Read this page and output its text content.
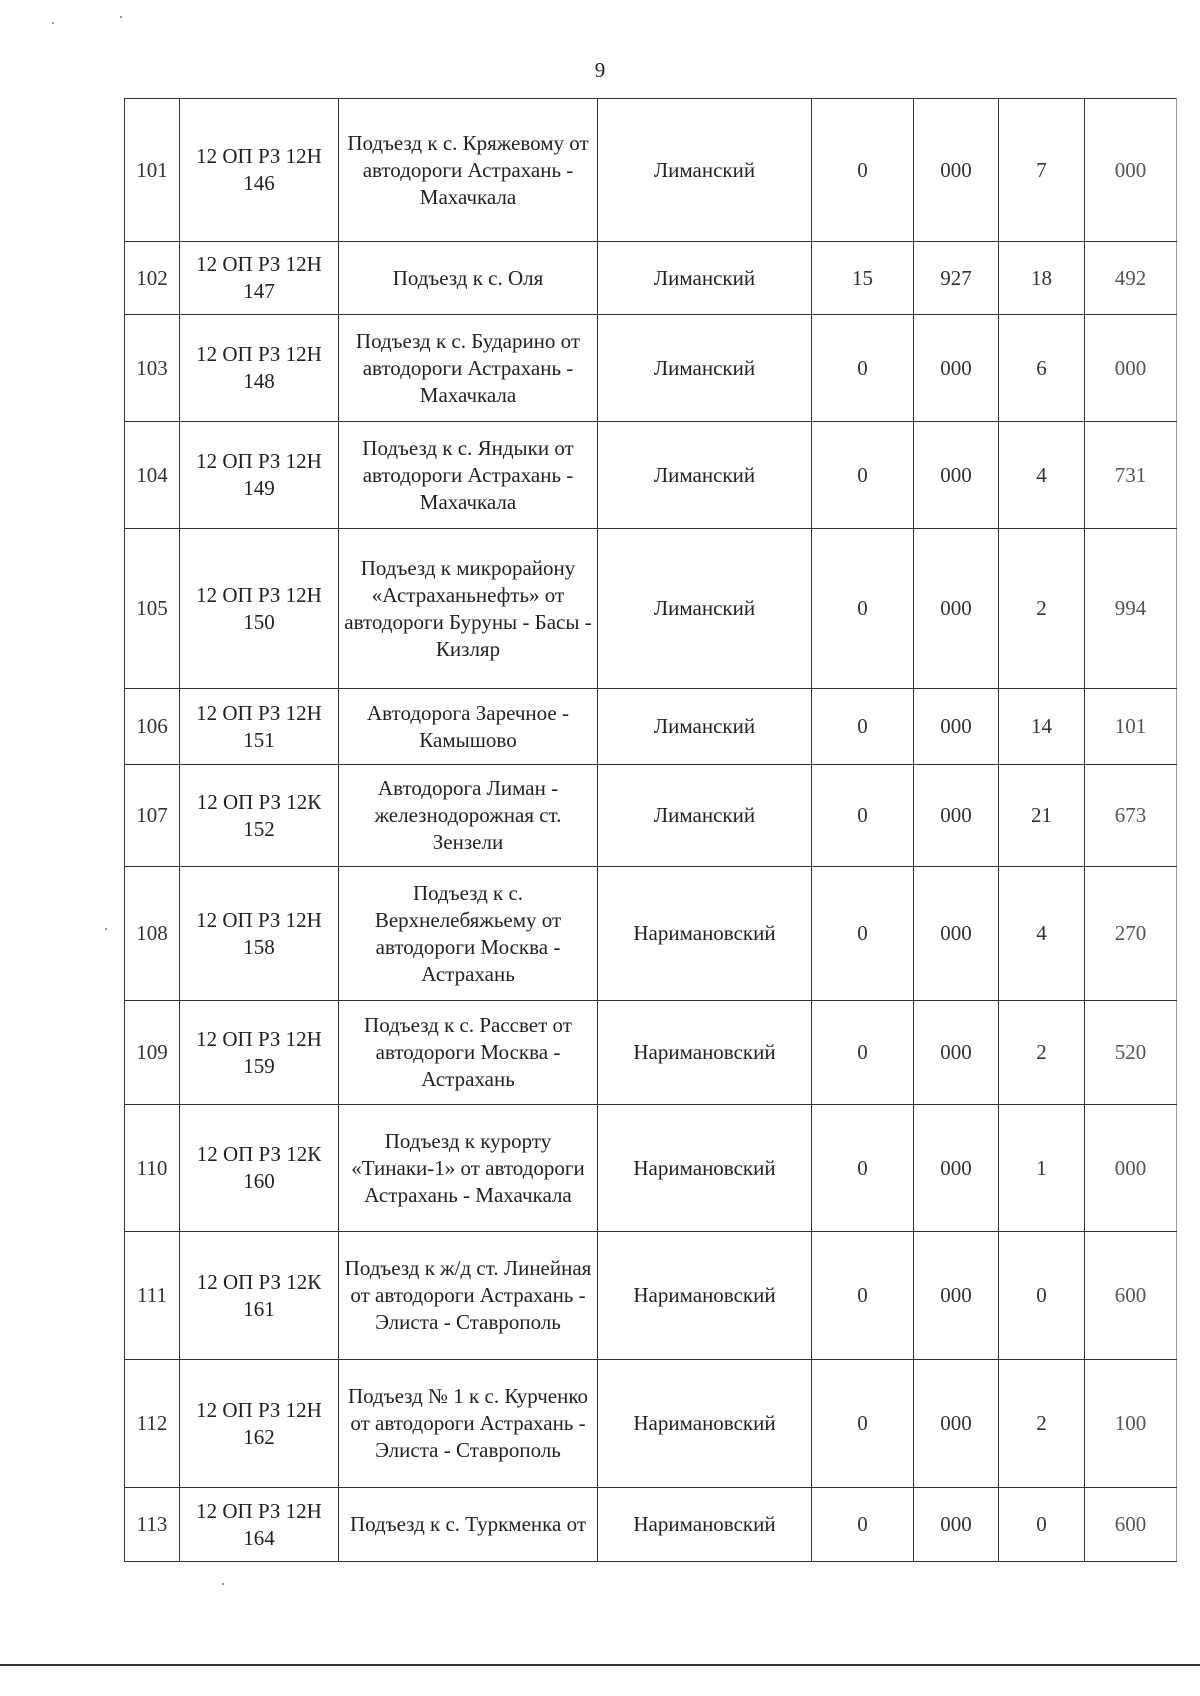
9
101	12 ОП РЗ 12Н 146	Подъезд к с. Кряжевому от автодороги Астрахань - Махачкала	Лиманский	0	000	7	000
102	12 ОП РЗ 12Н 147	Подъезд к с. Оля	Лиманский	15	927	18	492
103	12 ОП РЗ 12Н 148	Подъезд к с. Бударино от автодороги Астрахань - Махачкала	Лиманский	0	000	6	000
104	12 ОП РЗ 12Н 149	Подъезд к с. Яндыки от автодороги Астрахань - Махачкала	Лиманский	0	000	4	731
105	12 ОП РЗ 12Н 150	Подъезд к микрорайону «Астраханьнефть» от автодороги Буруны - Басы - Кизляр	Лиманский	0	000	2	994
106	12 ОП РЗ 12Н 151	Автодорога Заречное - Камышово	Лиманский	0	000	14	101
107	12 ОП РЗ 12К 152	Автодорога Лиман - железнодорожная ст. Зензели	Лиманский	0	000	21	673
108	12 ОП РЗ 12Н 158	Подъезд к с. Верхнелебяжьему от автодороги Москва - Астрахань	Наримановский	0	000	4	270
109	12 ОП РЗ 12Н 159	Подъезд к с. Рассвет от автодороги Москва - Астрахань	Наримановский	0	000	2	520
110	12 ОП РЗ 12К 160	Подъезд к курорту «Тинаки-1» от автодороги Астрахань - Махачкала	Наримановский	0	000	1	000
111	12 ОП РЗ 12К 161	Подъезд к ж/д ст. Линейная от автодороги Астрахань - Элиста - Ставрополь	Наримановский	0	000	0	600
112	12 ОП РЗ 12Н 162	Подъезд № 1 к с. Курченко от автодороги Астрахань - Элиста - Ставрополь	Наримановский	0	000	2	100
113	12 ОП РЗ 12Н 164	Подъезд к с. Туркменка от	Наримановский	0	000	0	600
